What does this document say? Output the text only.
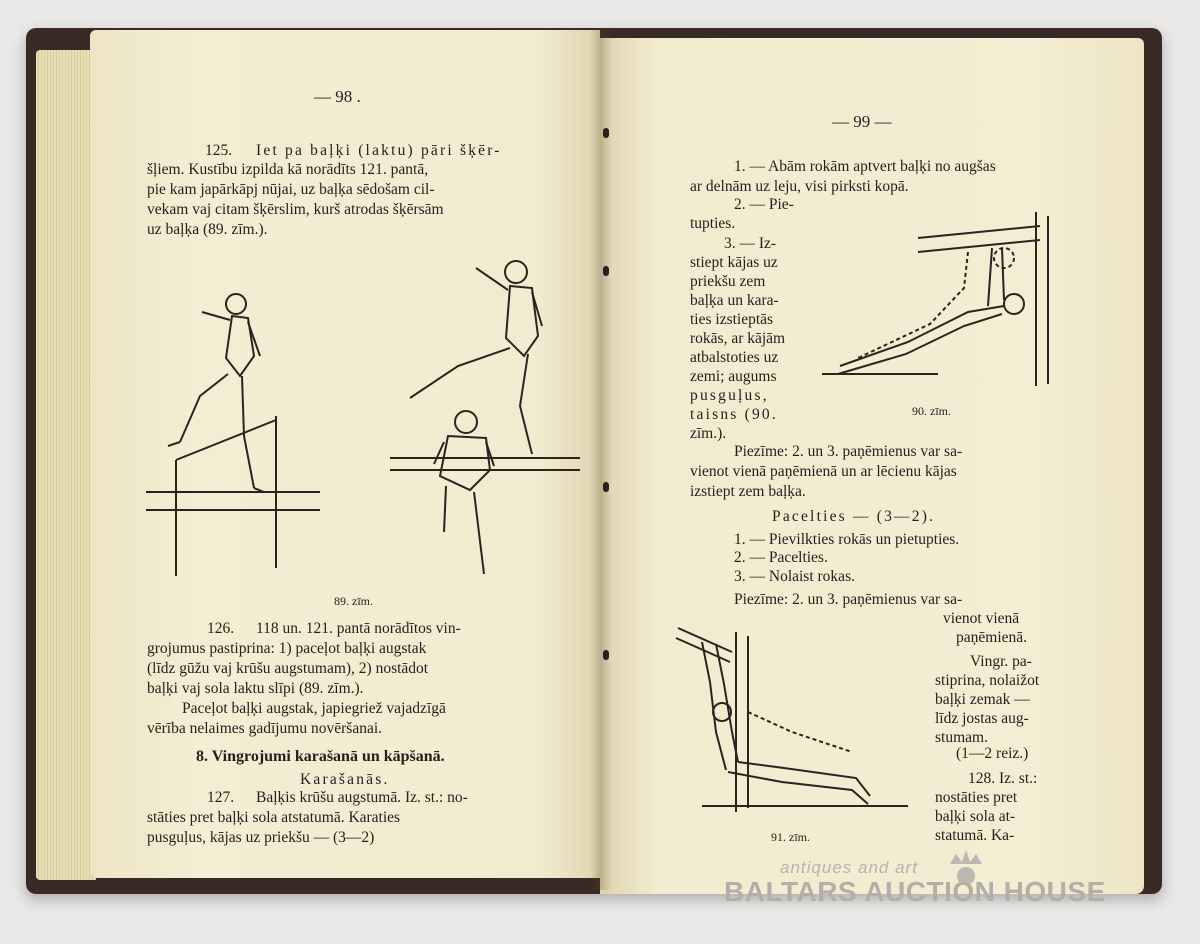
— 98 .
125. Iet pa baļķi (laktu) pāri šķēr-
šļiem. Kustību izpilda kā norādīts 121. pantā,
pie kam japārkāpj nūjai, uz baļķa sēdošam cil-
vekam vaj citam šķērslim, kurš atrodas šķērsām
uz baļķa (89. zīm.).
89. zīm.
126. 118 un. 121. pantā norādītos vin-
grojumus pastiprina: 1) paceļot baļķi augstak
(līdz gūžu vaj krūšu augstumam), 2) nostādot
baļķi vaj sola laktu slīpi (89. zīm.).
Paceļot baļķi augstak, japiegriež vajadzīgā
vērība nelaimes gadījumu novēršanai.
8. Vingrojumi karašanā un kāpšanā.
Karašanās.
127. Baļķis krūšu augstumā. Iz. st.: no-
stāties pret baļķi sola atstatumā. Karaties
pusguļus, kājas uz priekšu — (3—2)
— 99 —
1. — Abām rokām aptvert baļķi no augšas
ar delnām uz leju, visi pirksti kopā.
2. — Pie-
tupties.
3. — Iz-
stiept kājas uz
priekšu zem
baļķa un kara-
ties izstieptās
rokās, ar kājām
atbalstoties uz
zemi; augums
pusguļus,
taisns (90.
zīm.).
90. zīm.
Piezīme: 2. un 3. paņēmienus var sa-
vienot vienā paņēmienā un ar lēcienu kājas
izstiept zem baļķa.
Pacelties — (3—2).
1. — Pievilkties rokās un pietupties.
2. — Pacelties.
3. — Nolaist rokas.
Piezīme: 2. un 3. paņēmienus var sa-
vienot vienā
paņēmienā.
Vingr. pa-
stiprina, nolaižot
baļķi zemak —
līdz jostas aug-
stumam.
(1—2 reiz.)
128. Iz. st.:
nostāties pret
baļķi sola at-
statumā. Ka-
91. zīm.
antiques and art
BALTARS AUCTION HOUSE
